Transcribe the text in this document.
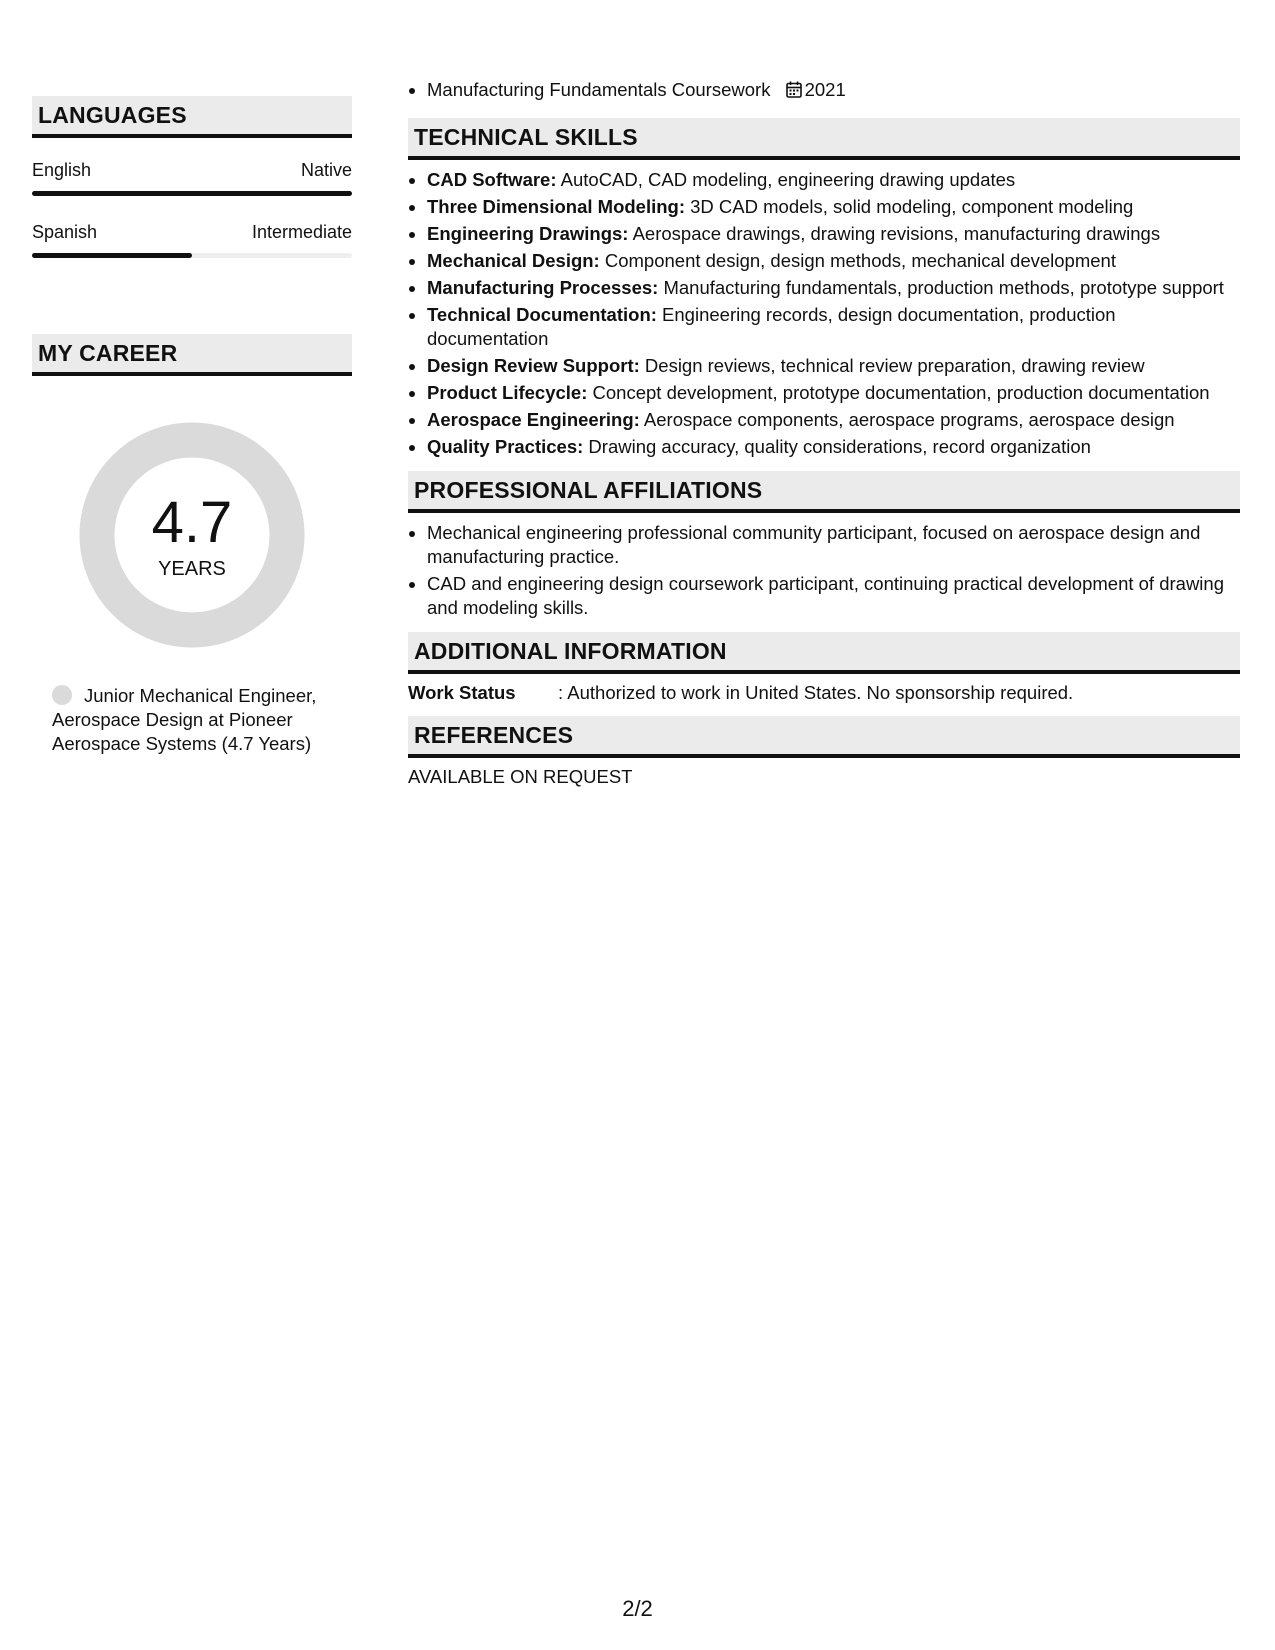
LANGUAGES
English	Native
Spanish	Intermediate
MY CAREER
4.7
YEARS
Junior Mechanical Engineer, Aerospace Design at Pioneer Aerospace Systems (4.7 Years)
• Manufacturing Fundamentals Coursework 2021
TECHNICAL SKILLS
• CAD Software: AutoCAD, CAD modeling, engineering drawing updates
• Three Dimensional Modeling: 3D CAD models, solid modeling, component modeling
• Engineering Drawings: Aerospace drawings, drawing revisions, manufacturing drawings
• Mechanical Design: Component design, design methods, mechanical development
• Manufacturing Processes: Manufacturing fundamentals, production methods, prototype support
• Technical Documentation: Engineering records, design documentation, production documentation
• Design Review Support: Design reviews, technical review preparation, drawing review
• Product Lifecycle: Concept development, prototype documentation, production documentation
• Aerospace Engineering: Aerospace components, aerospace programs, aerospace design
• Quality Practices: Drawing accuracy, quality considerations, record organization
PROFESSIONAL AFFILIATIONS
• Mechanical engineering professional community participant, focused on aerospace design and manufacturing practice.
• CAD and engineering design coursework participant, continuing practical development of drawing and modeling skills.
ADDITIONAL INFORMATION
Work Status	: Authorized to work in United States. No sponsorship required.
REFERENCES
AVAILABLE ON REQUEST
2/2
